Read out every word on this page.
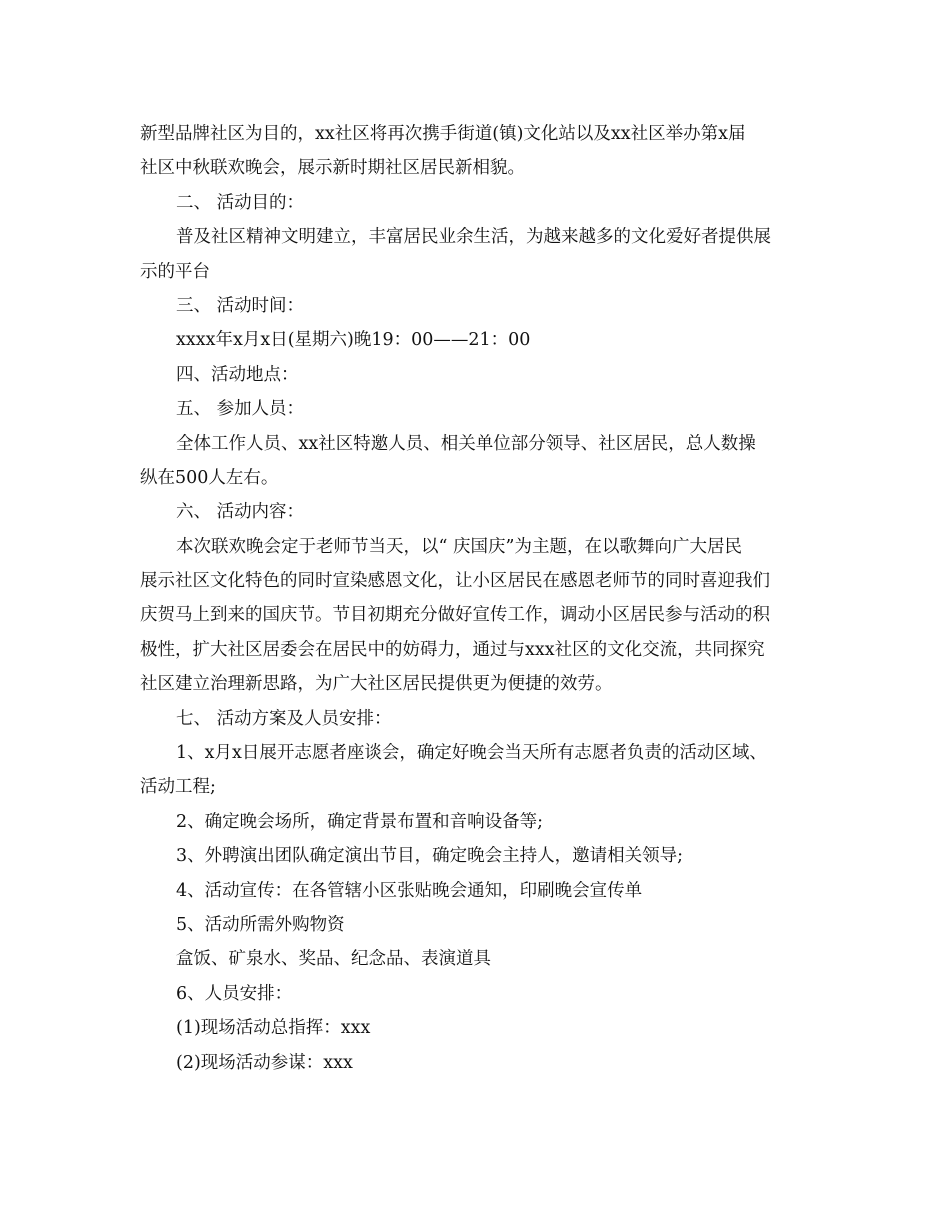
新型品牌社区为目的，xx社区将再次携手街道(镇)文化站以及xx社区举办第x届
社区中秋联欢晚会，展示新时期社区居民新相貌。
二、 活动目的：
普及社区精神文明建立，丰富居民业余生活，为越来越多的文化爱好者提供展
示的平台
三、 活动时间：
xxxx年x月x日(星期六)晚19：00——21：00
四、活动地点：
五、 参加人员：
全体工作人员、xx社区特邀人员、相关单位部分领导、社区居民，总人数操
纵在500人左右。
六、 活动内容：
本次联欢晚会定于老师节当天，以“ 庆国庆”为主题，在以歌舞向广大居民
展示社区文化特色的同时宣染感恩文化，让小区居民在感恩老师节的同时喜迎我们
庆贺马上到来的国庆节。节目初期充分做好宣传工作，调动小区居民参与活动的积
极性，扩大社区居委会在居民中的妨碍力，通过与xxx社区的文化交流，共同探究
社区建立治理新思路，为广大社区居民提供更为便捷的效劳。
七、 活动方案及人员安排：
1、x月x日展开志愿者座谈会，确定好晚会当天所有志愿者负责的活动区域、
活动工程;
2、确定晚会场所，确定背景布置和音响设备等;
3、外聘演出团队确定演出节目，确定晚会主持人，邀请相关领导;
4、活动宣传：在各管辖小区张贴晚会通知，印刷晚会宣传单
5、活动所需外购物资
盒饭、矿泉水、奖品、纪念品、表演道具
6、人员安排：
(1)现场活动总指挥：xxx
(2)现场活动参谋：xxx
